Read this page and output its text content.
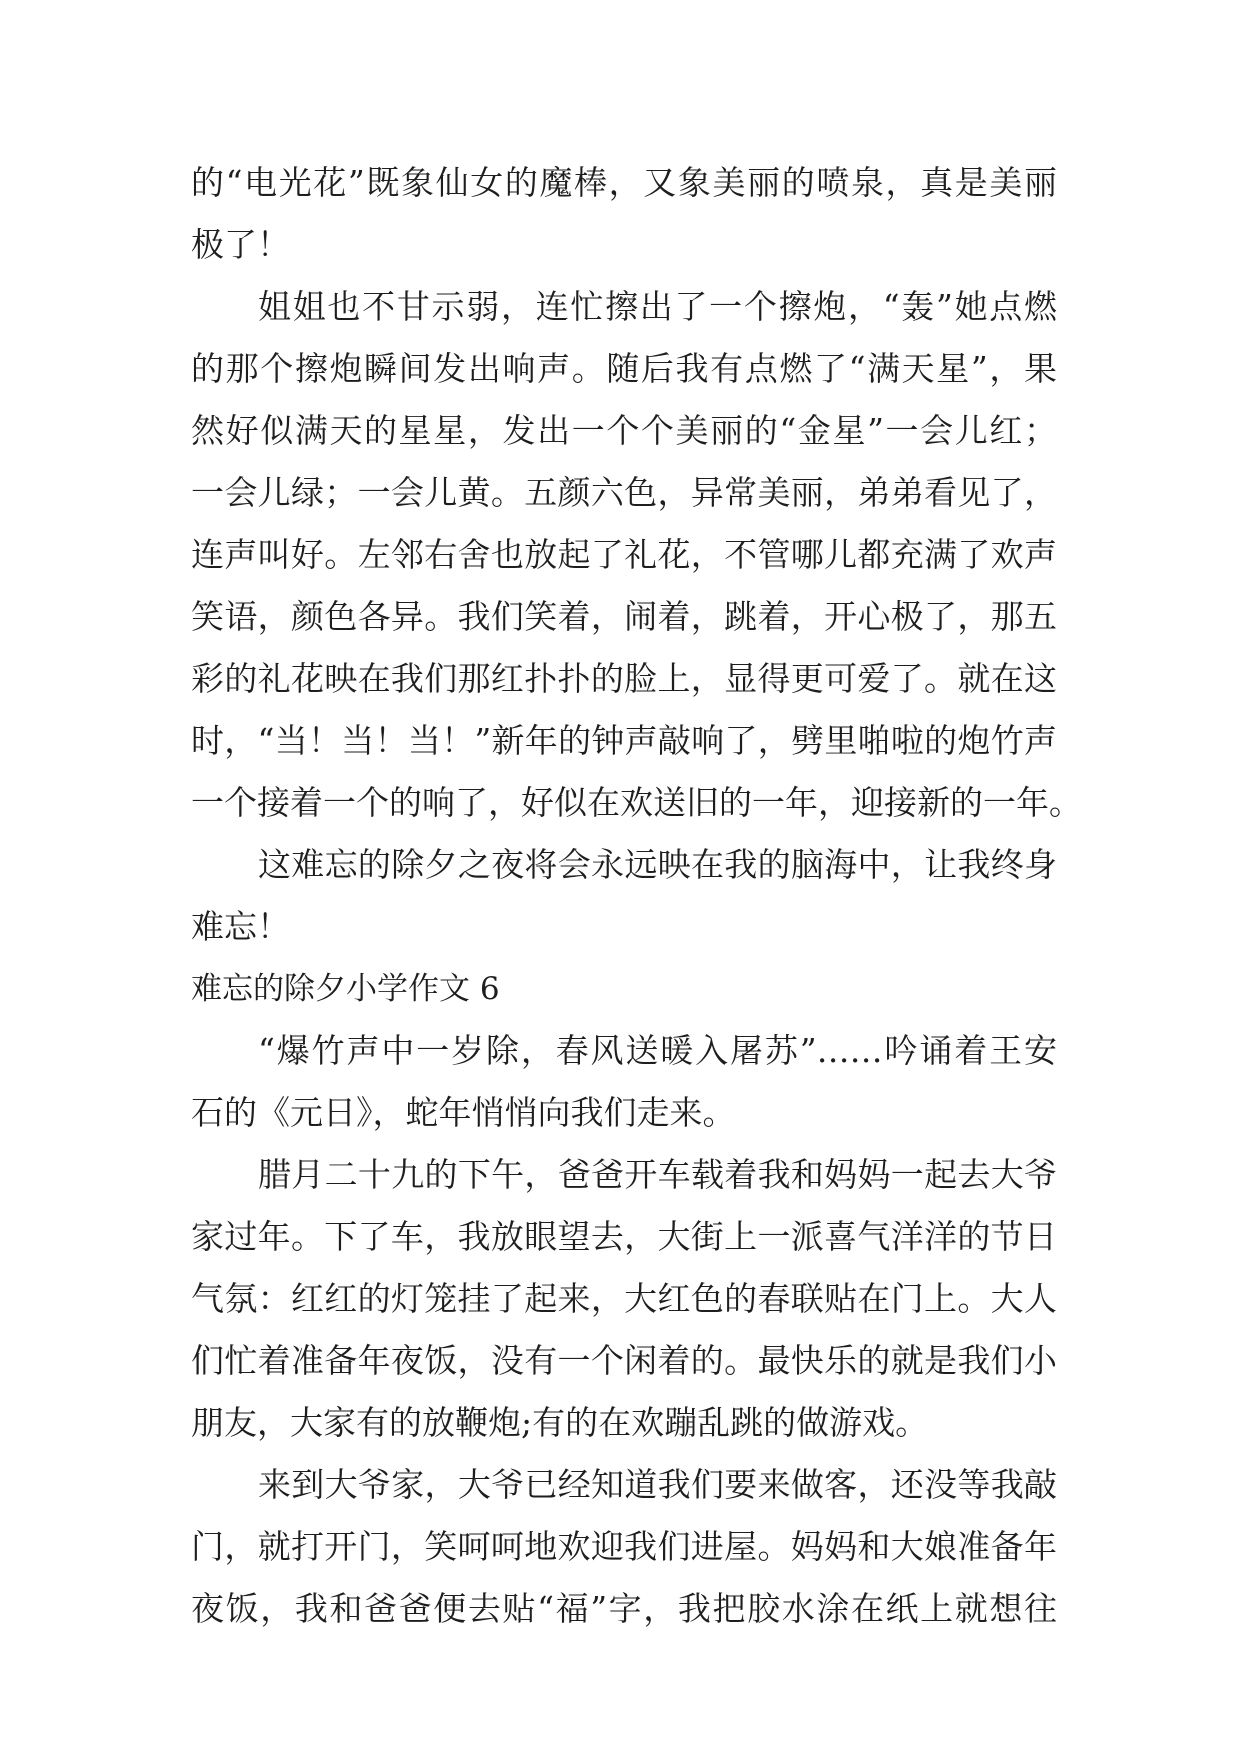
的“电光花”既象仙女的魔棒，又象美丽的喷泉，真是美丽
极了！
姐姐也不甘示弱，连忙擦出了一个擦炮，“轰”她点燃
的那个擦炮瞬间发出响声。随后我有点燃了“满天星”，果
然好似满天的星星，发出一个个美丽的“金星”一会儿红；
一会儿绿；一会儿黄。五颜六色，异常美丽，弟弟看见了，
连声叫好。左邻右舍也放起了礼花，不管哪儿都充满了欢声
笑语，颜色各异。我们笑着，闹着，跳着，开心极了，那五
彩的礼花映在我们那红扑扑的脸上，显得更可爱了。就在这
时，“当！当！当！”新年的钟声敲响了，劈里啪啦的炮竹声
一个接着一个的响了，好似在欢送旧的一年，迎接新的一年。
这难忘的除夕之夜将会永远映在我的脑海中，让我终身
难忘！
难忘的除夕小学作文 6
“爆竹声中一岁除，春风送暖入屠苏”……吟诵着王安
石的《元日》，蛇年悄悄向我们走来。
腊月二十九的下午，爸爸开车载着我和妈妈一起去大爷
家过年。下了车，我放眼望去，大街上一派喜气洋洋的节日
气氛：红红的灯笼挂了起来，大红色的春联贴在门上。大人
们忙着准备年夜饭，没有一个闲着的。最快乐的就是我们小
朋友，大家有的放鞭炮;有的在欢蹦乱跳的做游戏。
来到大爷家，大爷已经知道我们要来做客，还没等我敲
门，就打开门，笑呵呵地欢迎我们进屋。妈妈和大娘准备年
夜饭，我和爸爸便去贴“福”字，我把胶水涂在纸上就想往
